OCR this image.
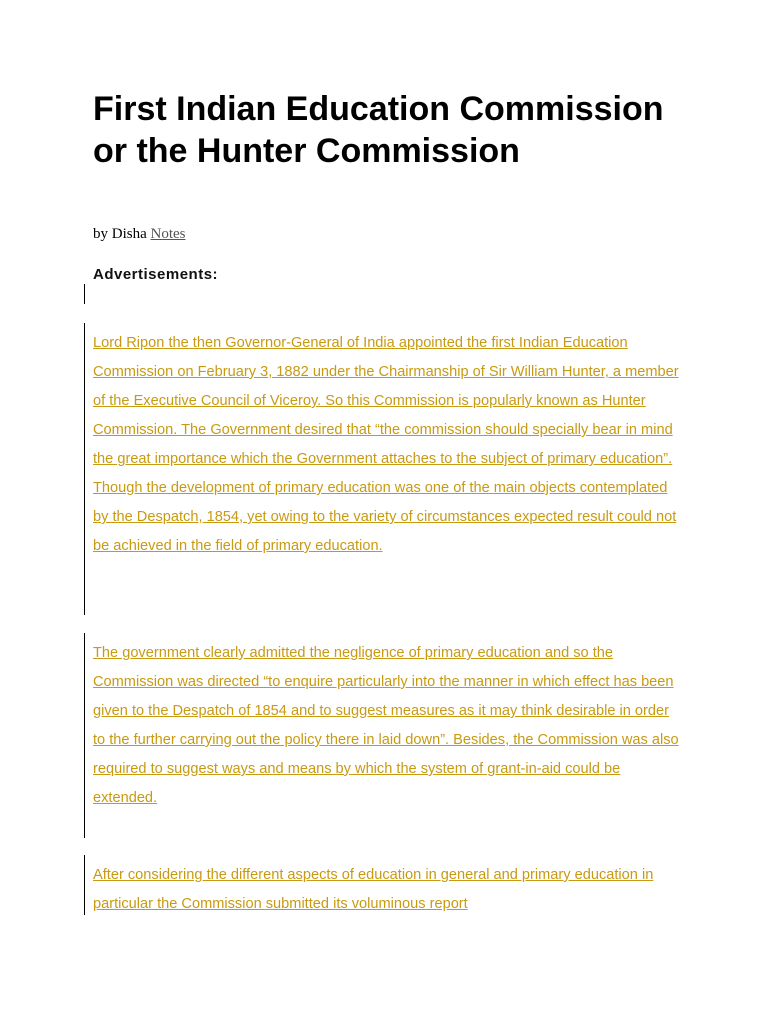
First Indian Education Commission or the Hunter Commission
by Disha Notes
Advertisements:

Lord Ripon the then Governor-General of India appointed the first Indian Education Commission on February 3, 1882 under the Chairmanship of Sir William Hunter, a member of the Executive Council of Viceroy. So this Commission is popularly known as Hunter Commission. The Government desired that “the commission should specially bear in mind the great importance which the Government attaches to the subject of primary education”. Though the development of primary education was one of the main objects contemplated by the Despatch, 1854, yet owing to the variety of circumstances expected result could not be achieved in the field of primary education.

The government clearly admitted the negligence of primary education and so the Commission was directed “to enquire particularly into the manner in which effect has been given to the Despatch of 1854 and to suggest measures as it may think desirable in order to the further carrying out the policy there in laid down”. Besides, the Commission was also required to suggest ways and means by which the system of grant-in-aid could be extended.

After considering the different aspects of education in general and primary education in particular the Commission submitted its voluminous report
